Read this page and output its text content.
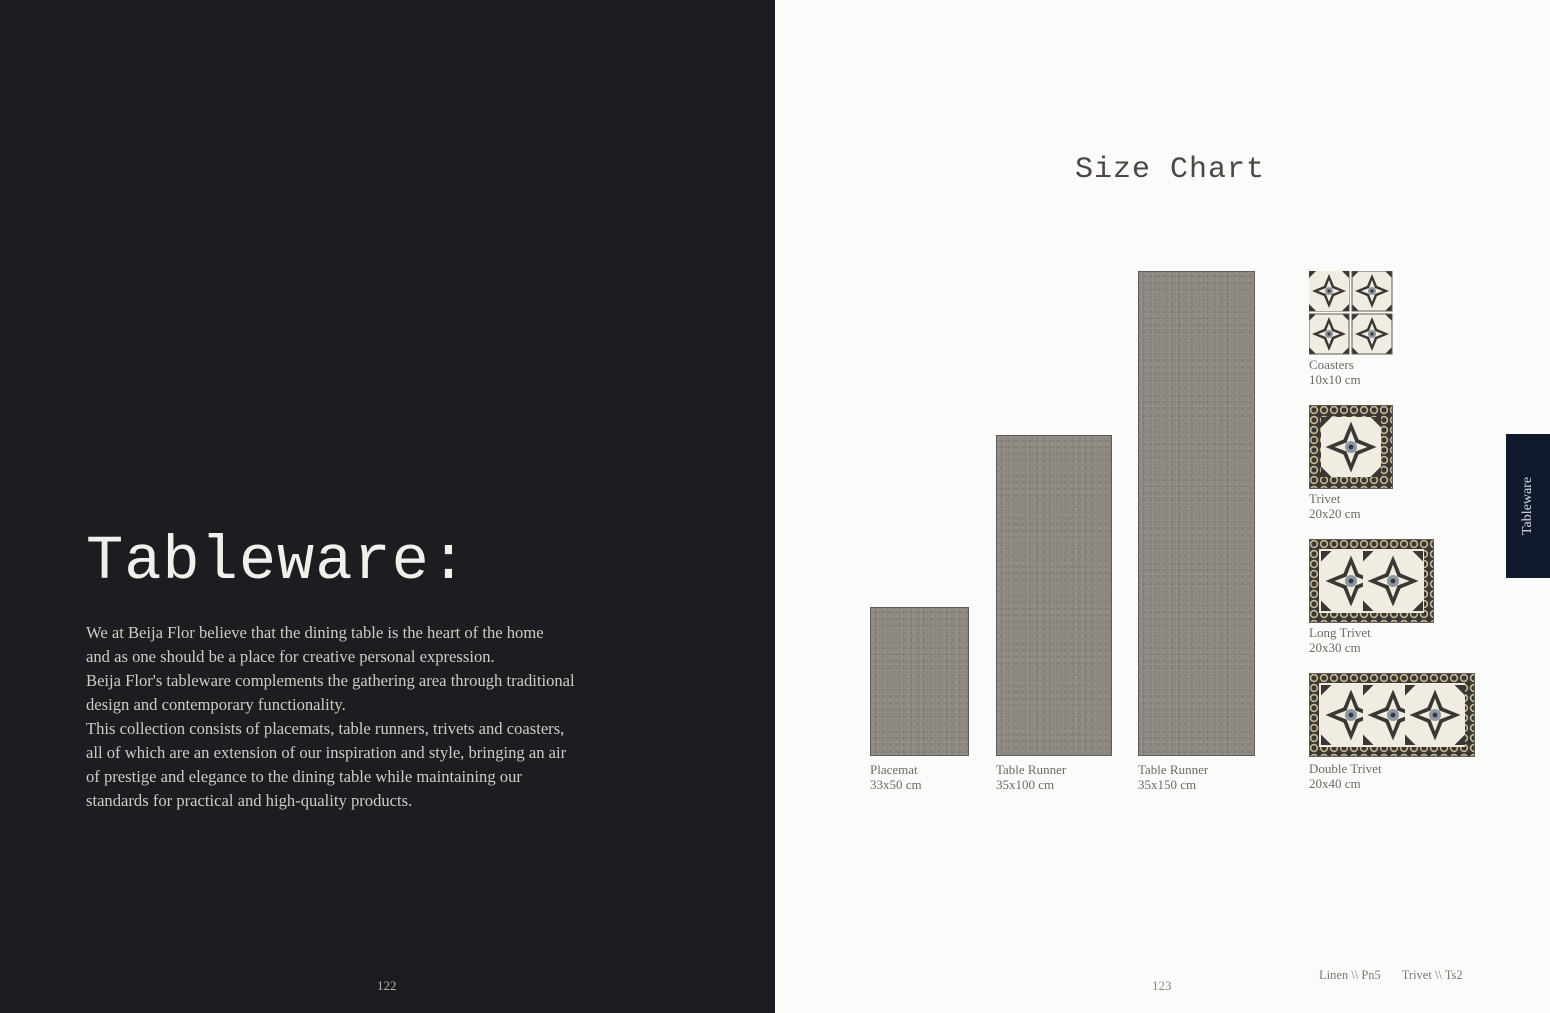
Tableware:

We at Beija Flor believe that the dining table is the heart of the home

and as one should be a place for creative personal expression.

Beija Flor's tableware complements the gathering area through traditional

design and contemporary functionality.

This collection consists of placemats, table runners, trivets and coasters,

all of which are an extension of our inspiration and style, bringing an air

of prestige and elegance to the dining table while maintaining our

standards for practical and high-quality products.

122
Size Chart
Placemat
33x50 cm
Table Runner
35x100 cm
Table Runner
35x150 cm
Coasters
10x10 cm
Trivet
20x20 cm
Long Trivet
20x30 cm
Double Trivet
20x40 cm
Tableware
Linen \\ Pn5 Trivet \\ Ts2
123
